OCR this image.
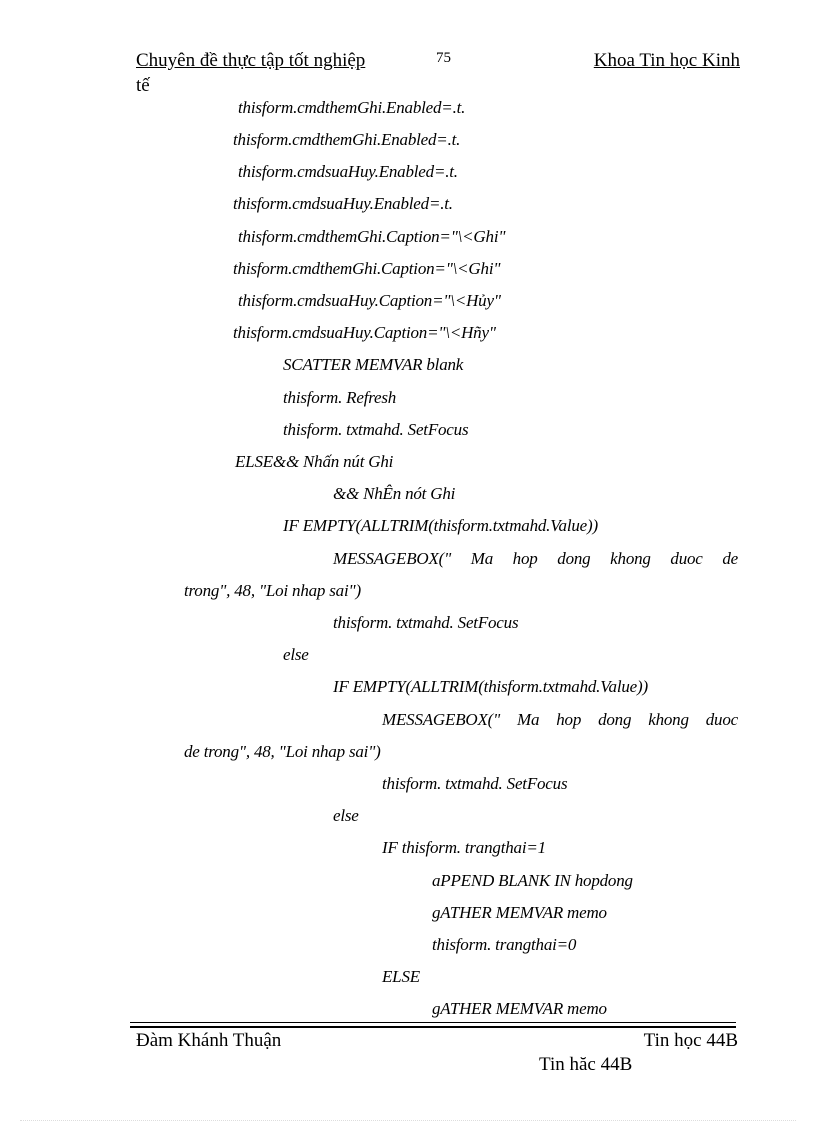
Chuyên đề thực tập tốt nghiệp	75	Khoa Tin học Kinh
tế
thisform.cmdthemGhi.Enabled=.t.
thisform.cmdthemGhi.Enabled=.t.
thisform.cmdsuaHuy.Enabled=.t.
thisform.cmdsuaHuy.Enabled=.t.
thisform.cmdthemGhi.Caption="\<Ghi"
thisform.cmdthemGhi.Caption="\<Ghi"
thisform.cmdsuaHuy.Caption="\<Hủy"
thisform.cmdsuaHuy.Caption="\<Hñy"
SCATTER MEMVAR blank
thisform. Refresh
thisform. txtmahd. SetFocus
ELSE&& Nhấn nút Ghi
&& NhÊn nót Ghi
IF EMPTY(ALLTRIM(thisform.txtmahd.Value))
MESSAGEBOX(" Ma hop dong khong duoc de
trong", 48, "Loi nhap sai")
thisform. txtmahd. SetFocus
else
IF EMPTY(ALLTRIM(thisform.txtmahd.Value))
MESSAGEBOX(" Ma hop dong khong duoc
de trong", 48, "Loi nhap sai")
thisform. txtmahd. SetFocus
else
IF thisform. trangthai=1
aPPEND BLANK IN hopdong
gATHER MEMVAR memo
thisform. trangthai=0
ELSE
gATHER MEMVAR memo
Đàm Khánh Thuận	Tin học 44B
Tin hăc 44B
